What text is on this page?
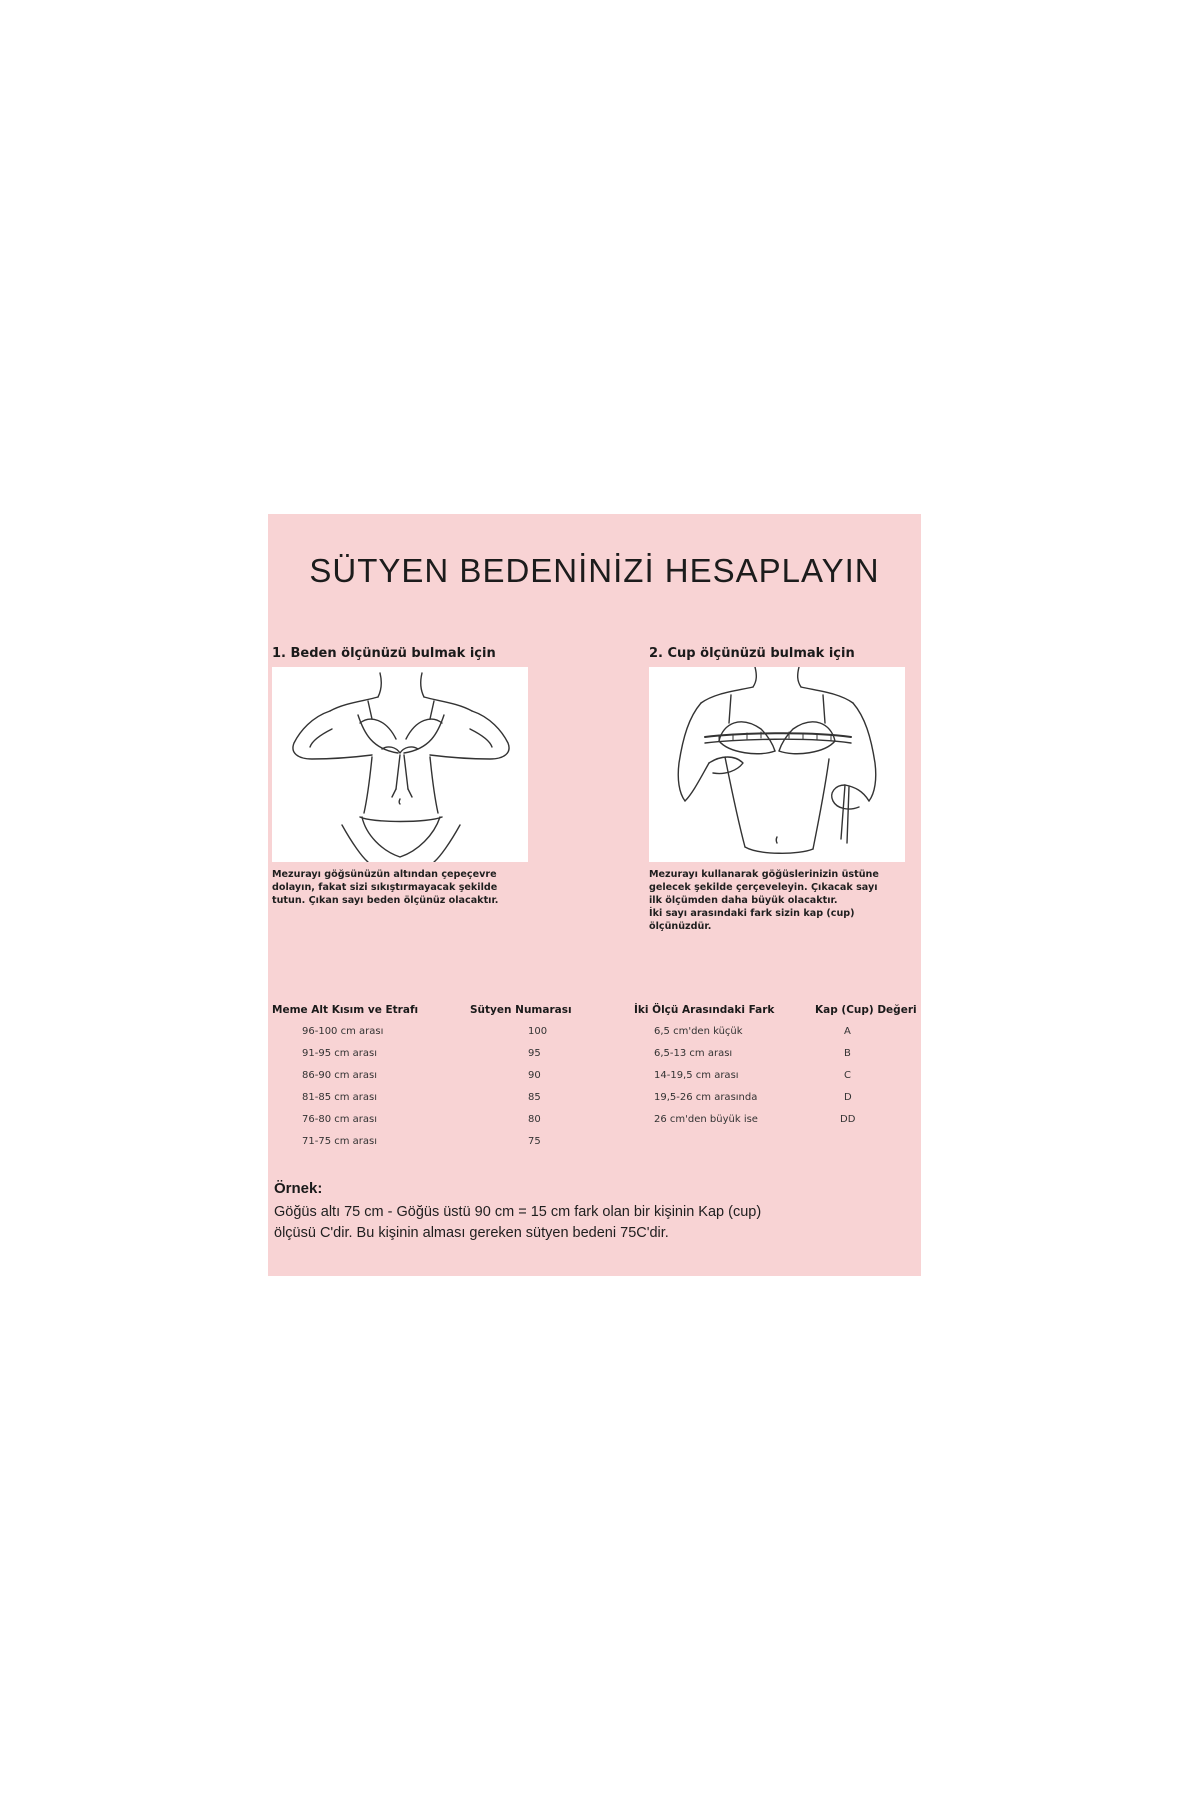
SÜTYEN BEDENİNİZİ HESAPLAYIN
1. Beden ölçünüzü bulmak için	2. Cup ölçünüzü bulmak için
Mezurayı göğsünüzün altından çepeçevre
dolayın, fakat sizi sıkıştırmayacak şekilde
tutun. Çıkan sayı beden ölçünüz olacaktır.
Mezurayı kullanarak göğüslerinizin üstüne
gelecek şekilde çerçeveleyin. Çıkacak sayı
ilk ölçümden daha büyük olacaktır.
İki sayı arasındaki fark sizin kap (cup)
ölçünüzdür.
Meme Alt Kısım ve Etrafı	Sütyen Numarası
96-100 cm arası	100
91-95 cm arası	95
86-90 cm arası	90
81-85 cm arası	85
76-80 cm arası	80
71-75 cm arası	75
İki Ölçü Arasındaki Fark	Kap (Cup) Değeri
6,5 cm'den küçük	A
6,5-13 cm arası	B
14-19,5 cm arası	C
19,5-26 cm arasında	D
26 cm'den büyük ise	DD
Örnek:
Göğüs altı 75 cm - Göğüs üstü 90 cm = 15 cm fark olan bir kişinin Kap (cup)
ölçüsü C'dir. Bu kişinin alması gereken sütyen bedeni 75C'dir.
